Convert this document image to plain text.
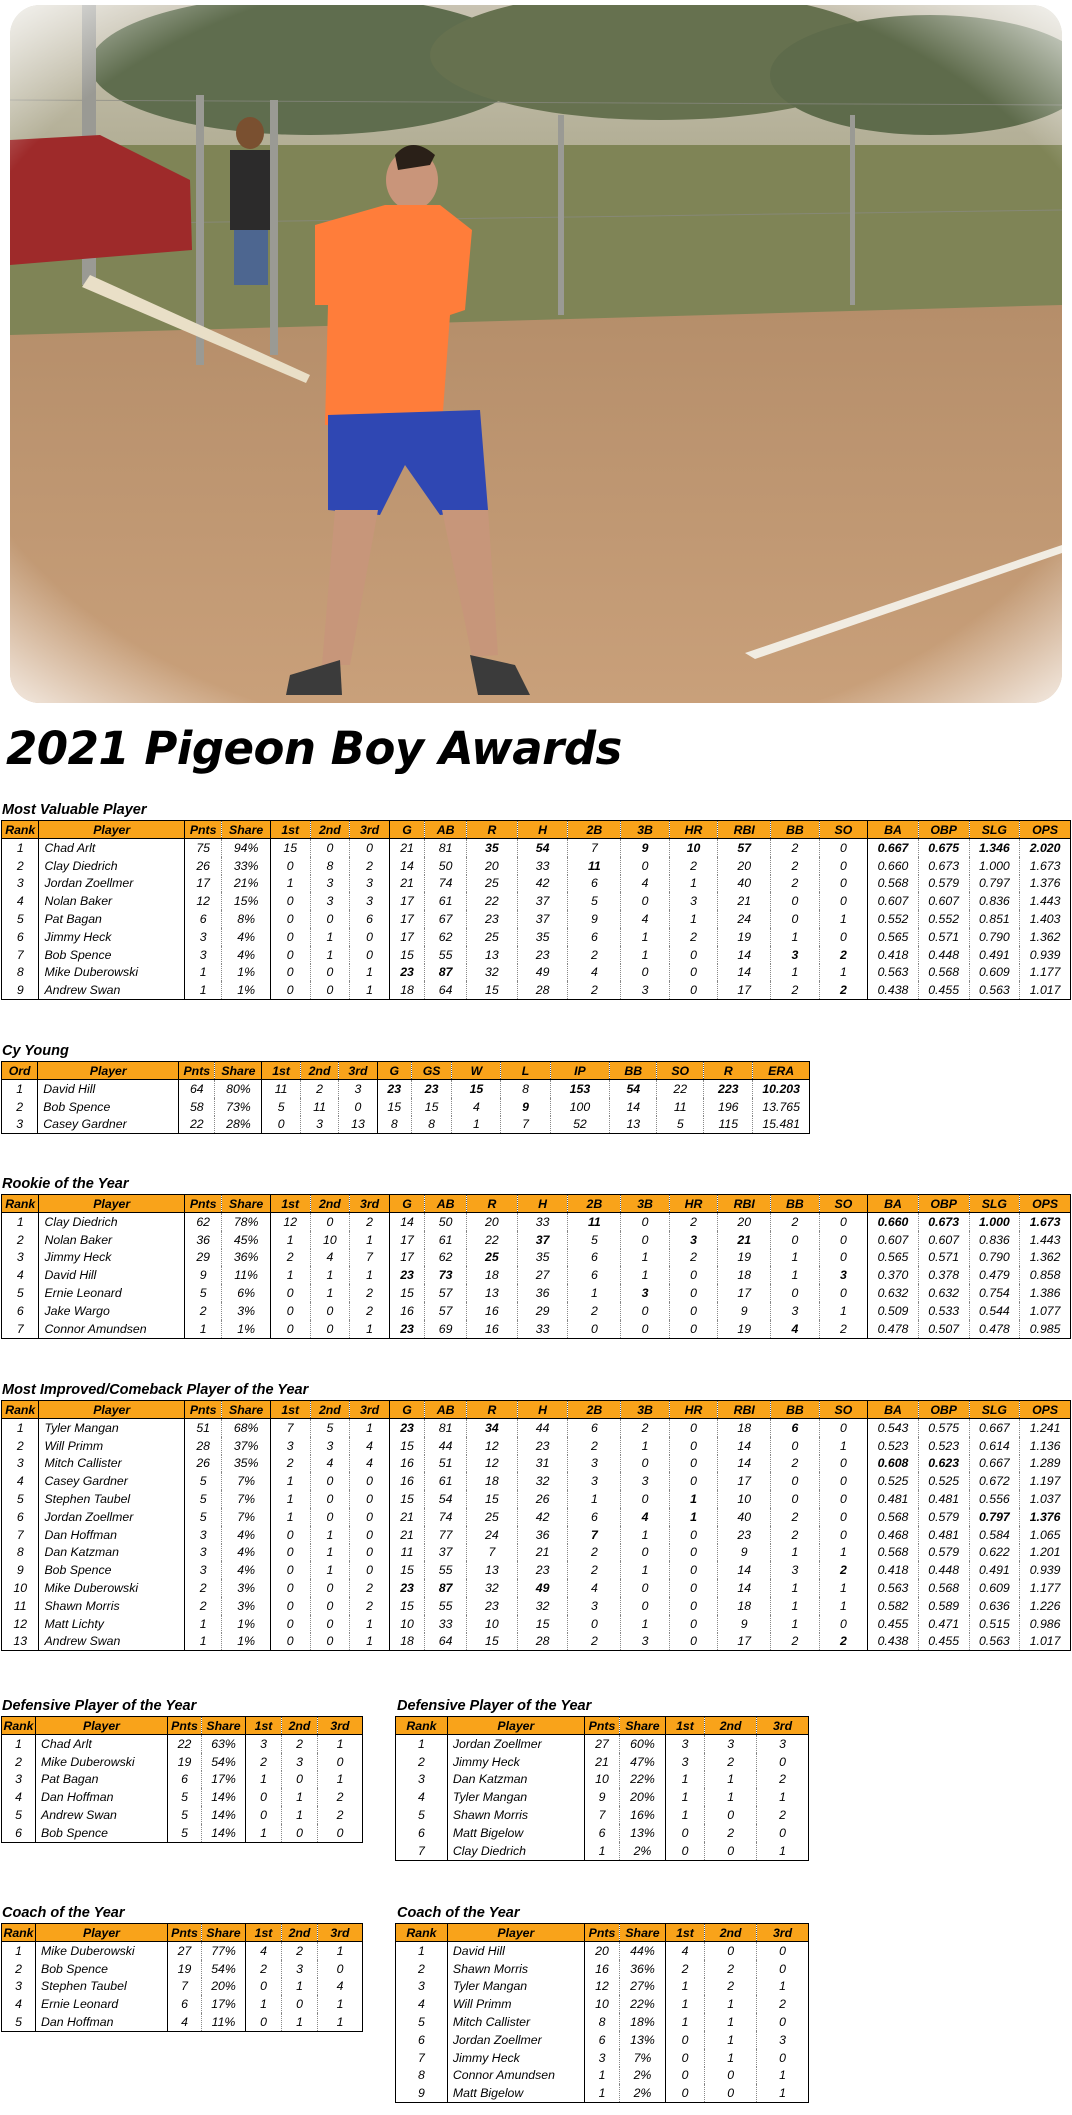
2021 Pigeon Boy Awards
Most Valuable Player
Cy Young
Rookie of the Year
Most Improved/Comeback Player of the Year
Defensive Player of the Year	Defensive Player of the Year
Coach of the Year	Coach of the Year
Rank	Player	Pnts	Share	1st	2nd	3rd	G	AB	R	H	2B	3B	HR	RBI	BB	SO	BA	OBP	SLG	OPS
1	Chad Arlt	75	94%	15	0	0	21	81	35	54	7	9	10	57	2	0	0.667	0.675	1.346	2.020
2	Clay Diedrich	26	33%	0	8	2	14	50	20	33	11	0	2	20	2	0	0.660	0.673	1.000	1.673
3	Jordan Zoellmer	17	21%	1	3	3	21	74	25	42	6	4	1	40	2	0	0.568	0.579	0.797	1.376
4	Nolan Baker	12	15%	0	3	3	17	61	22	37	5	0	3	21	0	0	0.607	0.607	0.836	1.443
5	Pat Bagan	6	8%	0	0	6	17	67	23	37	9	4	1	24	0	1	0.552	0.552	0.851	1.403
6	Jimmy Heck	3	4%	0	1	0	17	62	25	35	6	1	2	19	1	0	0.565	0.571	0.790	1.362
7	Bob Spence	3	4%	0	1	0	15	55	13	23	2	1	0	14	3	2	0.418	0.448	0.491	0.939
8	Mike Duberowski	1	1%	0	0	1	23	87	32	49	4	0	0	14	1	1	0.563	0.568	0.609	1.177
9	Andrew Swan	1	1%	0	0	1	18	64	15	28	2	3	0	17	2	2	0.438	0.455	0.563	1.017
Ord	Player	Pnts	Share	1st	2nd	3rd	G	GS	W	L	IP	BB	SO	R	ERA
1	David Hill	64	80%	11	2	3	23	23	15	8	153	54	22	223	10.203
2	Bob Spence	58	73%	5	11	0	15	15	4	9	100	14	11	196	13.765
3	Casey Gardner	22	28%	0	3	13	8	8	1	7	52	13	5	115	15.481
Rank	Player	Pnts	Share	1st	2nd	3rd	G	AB	R	H	2B	3B	HR	RBI	BB	SO	BA	OBP	SLG	OPS
1	Clay Diedrich	62	78%	12	0	2	14	50	20	33	11	0	2	20	2	0	0.660	0.673	1.000	1.673
2	Nolan Baker	36	45%	1	10	1	17	61	22	37	5	0	3	21	0	0	0.607	0.607	0.836	1.443
3	Jimmy Heck	29	36%	2	4	7	17	62	25	35	6	1	2	19	1	0	0.565	0.571	0.790	1.362
4	David Hill	9	11%	1	1	1	23	73	18	27	6	1	0	18	1	3	0.370	0.378	0.479	0.858
5	Ernie Leonard	5	6%	0	1	2	15	57	13	36	1	3	0	17	0	0	0.632	0.632	0.754	1.386
6	Jake Wargo	2	3%	0	0	2	16	57	16	29	2	0	0	9	3	1	0.509	0.533	0.544	1.077
7	Connor Amundsen	1	1%	0	0	1	23	69	16	33	0	0	0	19	4	2	0.478	0.507	0.478	0.985
Rank	Player	Pnts	Share	1st	2nd	3rd	G	AB	R	H	2B	3B	HR	RBI	BB	SO	BA	OBP	SLG	OPS
1	Tyler Mangan	51	68%	7	5	1	23	81	34	44	6	2	0	18	6	0	0.543	0.575	0.667	1.241
2	Will Primm	28	37%	3	3	4	15	44	12	23	2	1	0	14	0	1	0.523	0.523	0.614	1.136
3	Mitch Callister	26	35%	2	4	4	16	51	12	31	3	0	0	14	2	0	0.608	0.623	0.667	1.289
4	Casey Gardner	5	7%	1	0	0	16	61	18	32	3	3	0	17	0	0	0.525	0.525	0.672	1.197
5	Stephen Taubel	5	7%	1	0	0	15	54	15	26	1	0	1	10	0	0	0.481	0.481	0.556	1.037
6	Jordan Zoellmer	5	7%	1	0	0	21	74	25	42	6	4	1	40	2	0	0.568	0.579	0.797	1.376
7	Dan Hoffman	3	4%	0	1	0	21	77	24	36	7	1	0	23	2	0	0.468	0.481	0.584	1.065
8	Dan Katzman	3	4%	0	1	0	11	37	7	21	2	0	0	9	1	1	0.568	0.579	0.622	1.201
9	Bob Spence	3	4%	0	1	0	15	55	13	23	2	1	0	14	3	2	0.418	0.448	0.491	0.939
10	Mike Duberowski	2	3%	0	0	2	23	87	32	49	4	0	0	14	1	1	0.563	0.568	0.609	1.177
11	Shawn Morris	2	3%	0	0	2	15	55	23	32	3	0	0	18	1	1	0.582	0.589	0.636	1.226
12	Matt Lichty	1	1%	0	0	1	10	33	10	15	0	1	0	9	1	0	0.455	0.471	0.515	0.986
13	Andrew Swan	1	1%	0	0	1	18	64	15	28	2	3	0	17	2	2	0.438	0.455	0.563	1.017
Rank	Player	Pnts	Share	1st	2nd	3rd
1	Chad Arlt	22	63%	3	2	1
2	Mike Duberowski	19	54%	2	3	0
3	Pat Bagan	6	17%	1	0	1
4	Dan Hoffman	5	14%	0	1	2
5	Andrew Swan	5	14%	0	1	2
6	Bob Spence	5	14%	1	0	0
Rank	Player	Pnts	Share	1st	2nd	3rd
1	Jordan Zoellmer	27	60%	3	3	3
2	Jimmy Heck	21	47%	3	2	0
3	Dan Katzman	10	22%	1	1	2
4	Tyler Mangan	9	20%	1	1	1
5	Shawn Morris	7	16%	1	0	2
6	Matt Bigelow	6	13%	0	2	0
7	Clay Diedrich	1	2%	0	0	1
Rank	Player	Pnts	Share	1st	2nd	3rd
1	Mike Duberowski	27	77%	4	2	1
2	Bob Spence	19	54%	2	3	0
3	Stephen Taubel	7	20%	0	1	4
4	Ernie Leonard	6	17%	1	0	1
5	Dan Hoffman	4	11%	0	1	1
Rank	Player	Pnts	Share	1st	2nd	3rd
1	David Hill	20	44%	4	0	0
2	Shawn Morris	16	36%	2	2	0
3	Tyler Mangan	12	27%	1	2	1
4	Will Primm	10	22%	1	1	2
5	Mitch Callister	8	18%	1	1	0
6	Jordan Zoellmer	6	13%	0	1	3
7	Jimmy Heck	3	7%	0	1	0
8	Connor Amundsen	1	2%	0	0	1
9	Matt Bigelow	1	2%	0	0	1
